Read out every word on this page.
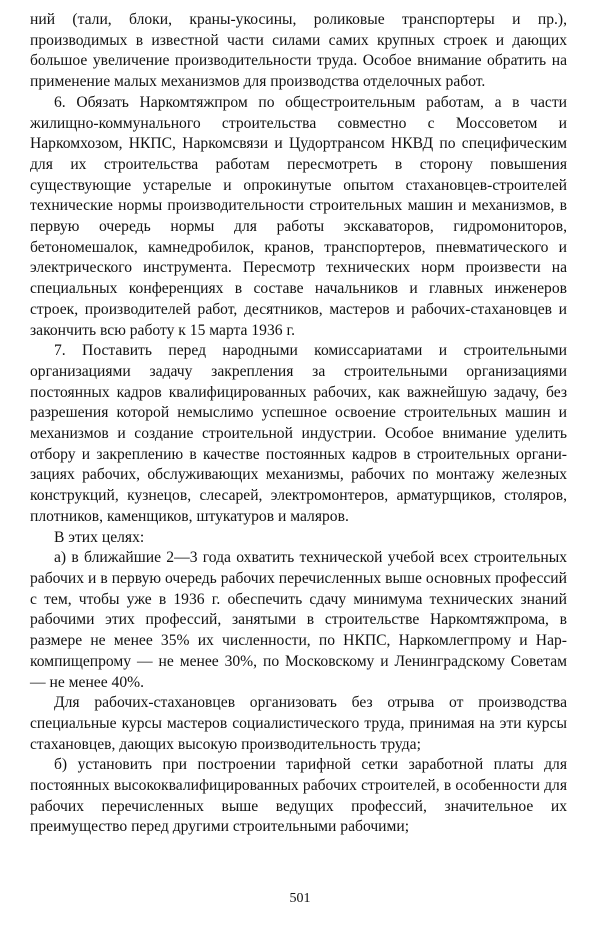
ний (тали, блоки, краны-укосины, роликовые транспортеры и пр.), производимых в известной части силами самих крупных строек и дающих большое увеличение производительности труда. Особое внимание обратить на применение малых механизмов для производства отделочных работ.

6. Обязать Наркомтяжпром по общестроительным работам, а в части жилищно-коммунального строительства совместно с Моссоветом и Наркомхозом, НКПС, Наркомсвязи и Цудортрансом НКВД по специфическим для их строительства работам пересмотреть в сторону повышения существующие устарелые и опрокинутые опытом стахановцев-строителей технические нормы производительности строительных машин и механизмов, в первую очередь нормы для работы экскаваторов, гидромониторов, бетономешалок, камнедробилок, кранов, транспортеров, пневматического и электрического инструмента. Пересмотр технических норм произвести на специальных конференциях в составе начальников и главных инженеров строек, производителей работ, десятников, мастеров и рабочих-стахановцев и закончить всю работу к 15 марта 1936 г.

7. Поставить перед народными комиссариатами и строительными организациями задачу закрепления за строительными организациями постоянных кадров квалифицированных рабочих, как важнейшую задачу, без разрешения которой немыслимо успешное освоение строительных машин и механизмов и создание строительной индустрии. Особое внимание уделить отбору и закреплению в качестве постоянных кадров в строительных организациях рабочих, обслуживающих механизмы, рабочих по монтажу железных конструкций, кузнецов, слесарей, электромонтеров, арматурщиков, столяров, плотников, каменщиков, штукатуров и маляров.

В этих целях:

а) в ближайшие 2—3 года охватить технической учебой всех строительных рабочих и в первую очередь рабочих перечисленных выше основных профессий с тем, чтобы уже в 1936 г. обеспечить сдачу минимума технических знаний рабочими этих профессий, занятыми в строительстве Наркомтяжпрома, в размере не менее 35% их численности, по НКПС, Наркомлегпрому и Наркомпищепрому — не менее 30%, по Московскому и Ленинградскому Советам — не менее 40%.

Для рабочих-стахановцев организовать без отрыва от производства специальные курсы мастеров социалистического труда, принимая на эти курсы стахановцев, дающих высокую производительность труда;

б) установить при построении тарифной сетки заработной платы для постоянных высококвалифицированных рабочих строителей, в особенности для рабочих перечисленных выше ведущих профессий, значительное их преимущество перед другими строительными рабочими;

501
